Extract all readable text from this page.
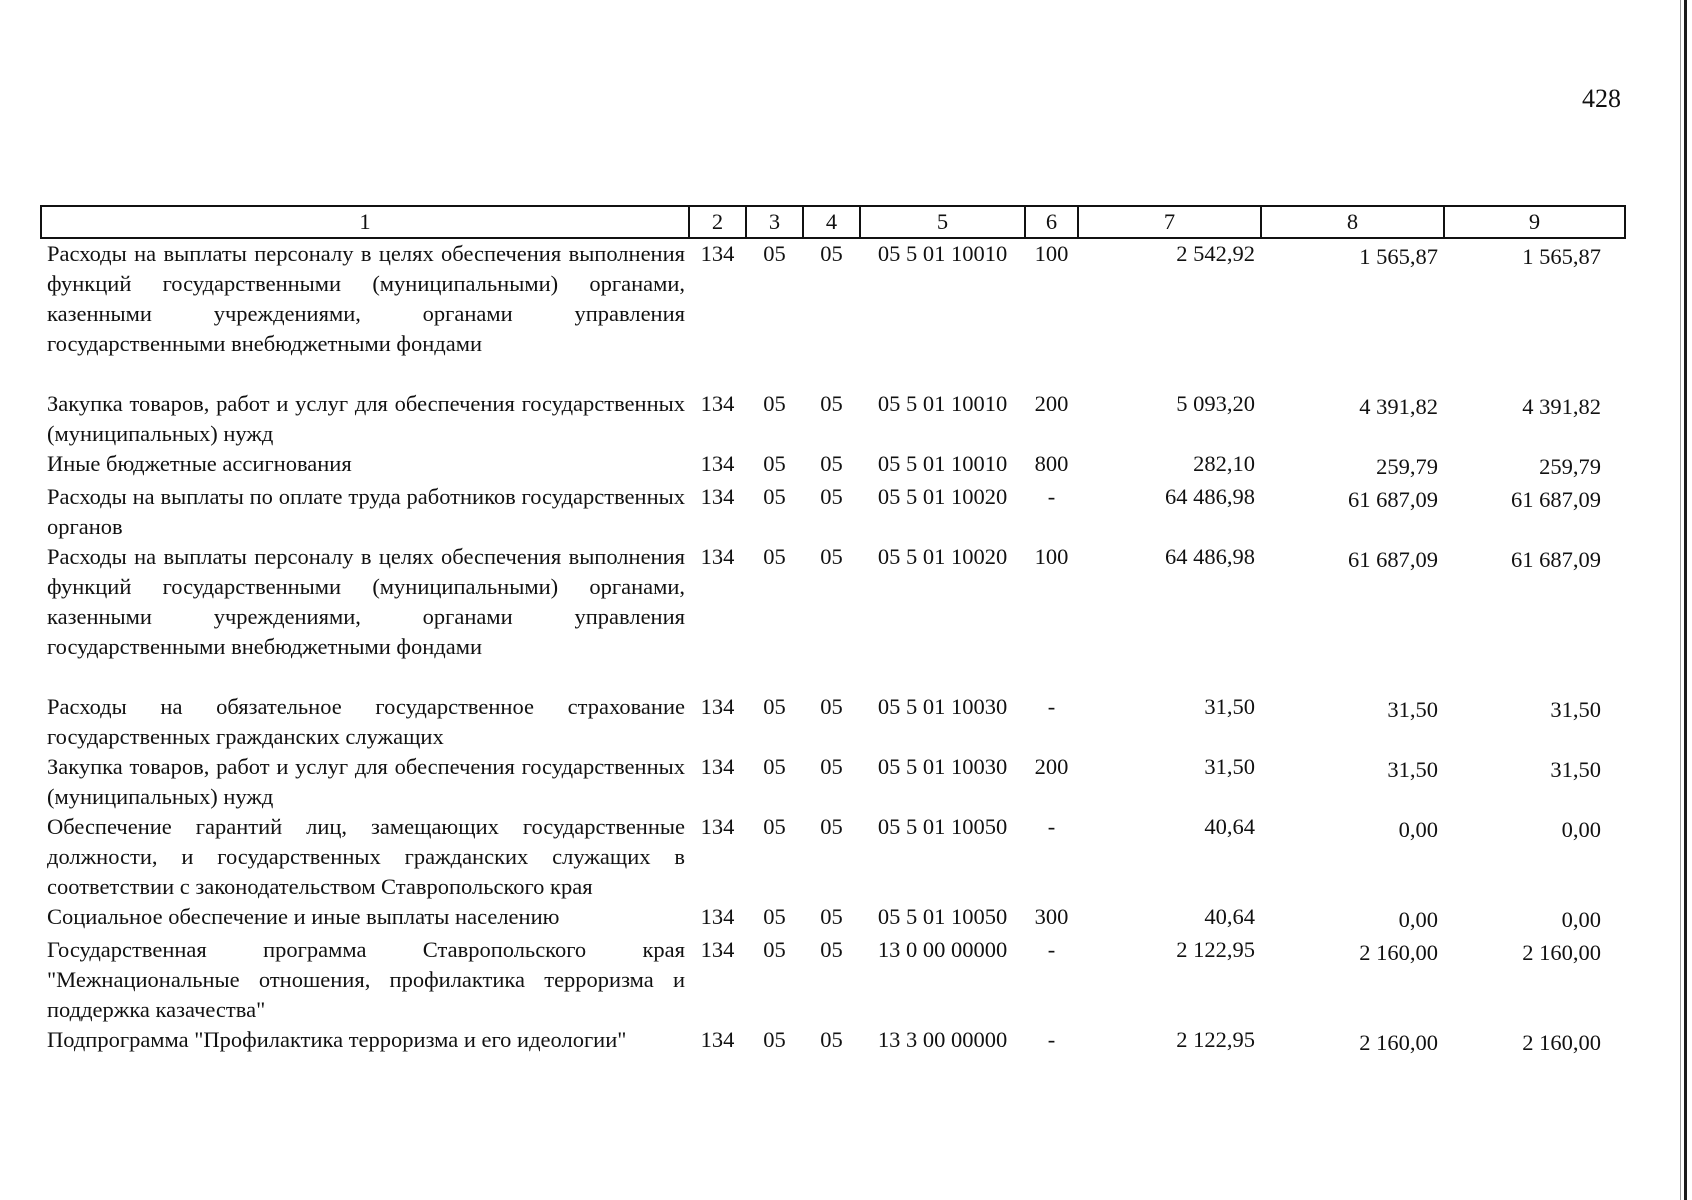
428
1	2	3	4	5	6	7	8	9
Расходы на выплаты персоналу в целях обеспечения выполнения функций государственными (муниципальными) органами, казенными учреждениями, органами управления государственными внебюджетными фондами	134	05	05	05 5 01 10010	100	2 542,92	1 565,87	1 565,87
Закупка товаров, работ и услуг для обеспечения государственных (муниципальных) нужд	134	05	05	05 5 01 10010	200	5 093,20	4 391,82	4 391,82
Иные бюджетные ассигнования	134	05	05	05 5 01 10010	800	282,10	259,79	259,79
Расходы на выплаты по оплате труда работников государственных органов	134	05	05	05 5 01 10020	-	64 486,98	61 687,09	61 687,09
Расходы на выплаты персоналу в целях обеспечения выполнения функций государственными (муниципальными) органами, казенными учреждениями, органами управления государственными внебюджетными фондами	134	05	05	05 5 01 10020	100	64 486,98	61 687,09	61 687,09
Расходы на обязательное государственное страхование государственных гражданских служащих	134	05	05	05 5 01 10030	-	31,50	31,50	31,50
Закупка товаров, работ и услуг для обеспечения государственных (муниципальных) нужд	134	05	05	05 5 01 10030	200	31,50	31,50	31,50
Обеспечение гарантий лиц, замещающих государственные должности, и государственных гражданских служащих в соответствии с законодательством Ставропольского края	134	05	05	05 5 01 10050	-	40,64	0,00	0,00
Социальное обеспечение и иные выплаты населению	134	05	05	05 5 01 10050	300	40,64	0,00	0,00
Государственная программа Ставропольского края "Межнациональные отношения, профилактика терроризма и поддержка казачества"	134	05	05	13 0 00 00000	-	2 122,95	2 160,00	2 160,00
Подпрограмма "Профилактика терроризма и его идеологии"	134	05	05	13 3 00 00000	-	2 122,95	2 160,00	2 160,00
